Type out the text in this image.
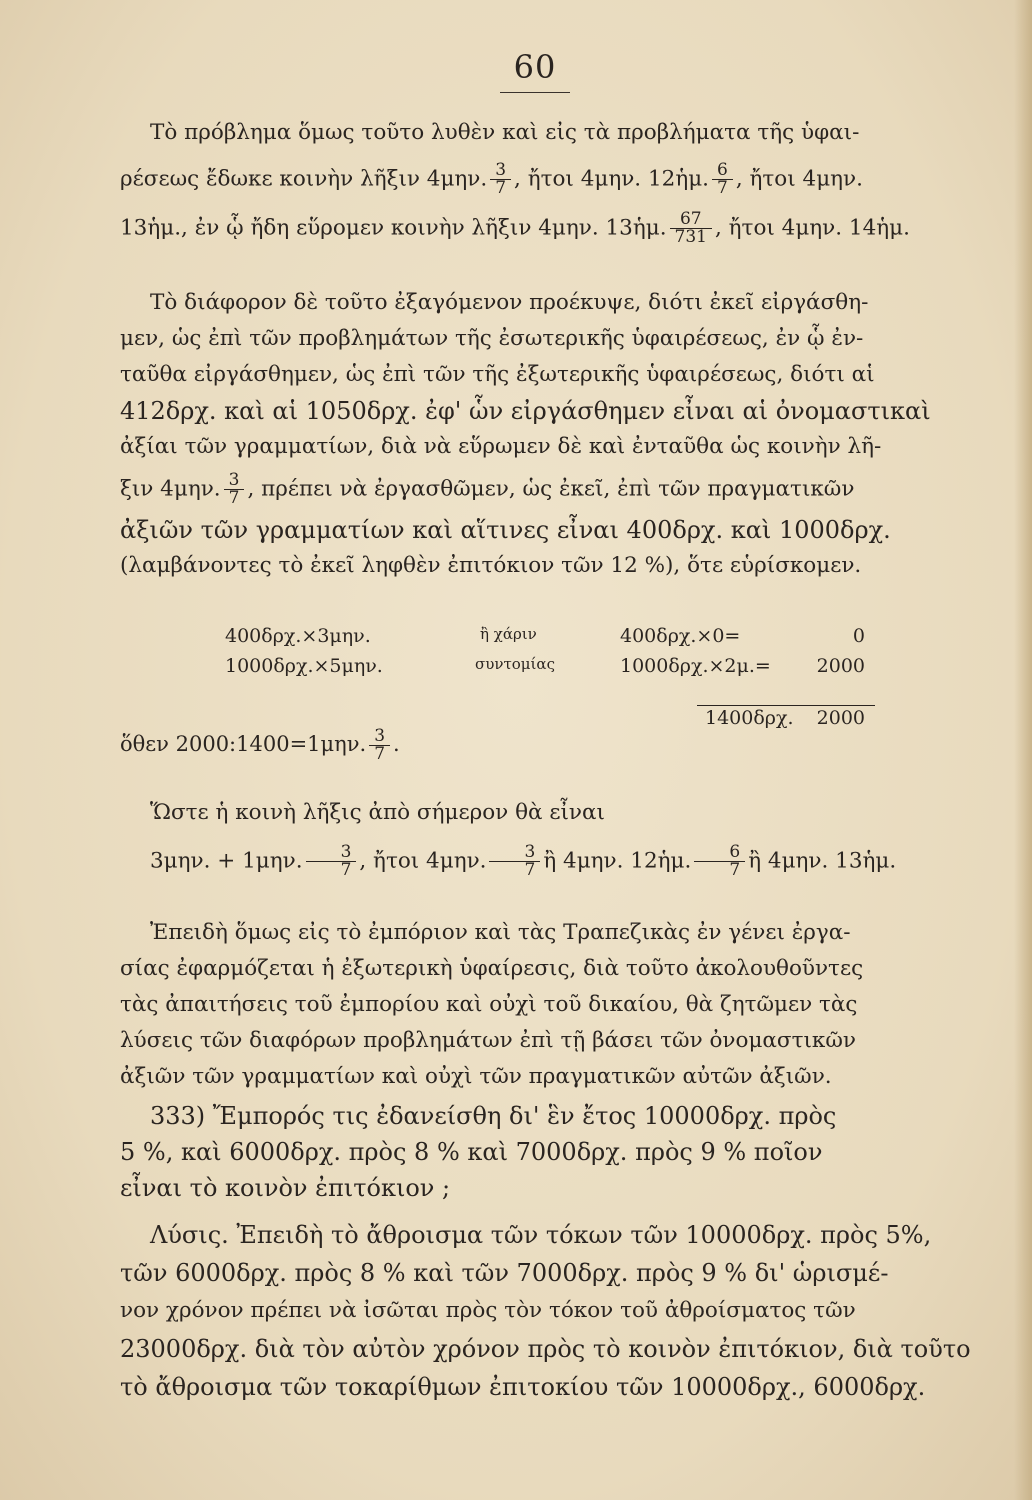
60
Τὸ πρόβλημα ὅμως τοῦτο λυθὲν καὶ εἰς τὰ προβλήματα τῆς ὑφαι-
ρέσεως ἔδωκε κοινὴν λῆξιν 4μην. $\frac{3}{7}$ , ἤτοι 4μην. 12ἡμ. $\frac{6}{7}$ , ἤτοι 4μην.
13ἡμ., ἐν ᾧ ἤδη εὕρομεν κοινὴν λῆξιν 4μην. 13ἡμ. $\frac{67}{731}$ , ἤτοι 4μην. 14ἡμ.
Τὸ διάφορον δὲ τοῦτο ἐξαγόμενον προέκυψε, διότι ἐκεῖ εἰργάσθη-
μεν, ὡς ἐπὶ τῶν προβλημάτων τῆς ἐσωτερικῆς ὑφαιρέσεως, ἐν ᾧ ἐν-
ταῦθα εἰργάσθημεν, ὡς ἐπὶ τῶν τῆς ἐξωτερικῆς ὑφαιρέσεως, διότι αἱ
412δρχ. καὶ αἱ 1050δρχ. ἐφ' ὧν εἰργάσθημεν εἶναι αἱ ὀνομαστικαὶ
ἀξίαι τῶν γραμματίων, διὰ νὰ εὕρωμεν δὲ καὶ ἐνταῦθα ὡς κοινὴν λῆ-
ξιν 4μην. $\frac{3}{7}$ , πρέπει νὰ ἐργασθῶμεν, ὡς ἐκεῖ, ἐπὶ τῶν πραγματικῶν
ἀξιῶν τῶν γραμματίων καὶ αἵτινες εἶναι 400δρχ. καὶ 1000δρχ.
(λαμβάνοντες τὸ ἐκεῖ ληφθὲν ἐπιτόκιον τῶν 12 %), ὅτε εὑρίσκομεν.
400δρχ.×3μην.	ἢ χάριν	400δρχ.×0=	0
1000δρχ.×5μην.	συντομίας	1000δρχ.×2μ.= 2000
1400δρχ. 2000
ὅθεν 2000:1400=1μην. $\frac{3}{7}$ .
Ὥστε ἡ κοινὴ λῆξις ἀπὸ σήμερον θὰ εἶναι
3μην. + 1μην. $\frac{3}{7}$ , ἤτοι 4μην. $\frac{3}{7}$ ἢ 4μην. 12ἡμ. $\frac{6}{7}$ ἢ 4μην. 13ἡμ.
Ἐπειδὴ ὅμως εἰς τὸ ἐμπόριον καὶ τὰς Τραπεζικὰς ἐν γένει ἐργα-
σίας ἐφαρμόζεται ἡ ἐξωτερικὴ ὑφαίρεσις, διὰ τοῦτο ἀκολουθοῦντες
τὰς ἀπαιτήσεις τοῦ ἐμπορίου καὶ οὐχὶ τοῦ δικαίου, θὰ ζητῶμεν τὰς
λύσεις τῶν διαφόρων προβλημάτων ἐπὶ τῇ βάσει τῶν ὀνομαστικῶν
ἀξιῶν τῶν γραμματίων καὶ οὐχὶ τῶν πραγματικῶν αὐτῶν ἀξιῶν.
333) Ἔμπορός τις ἐδανείσθη δι' ἓν ἔτος 10000δρχ. πρὸς
5 %, καὶ 6000δρχ. πρὸς 8 % καὶ 7000δρχ. πρὸς 9 % ποῖον
εἶναι τὸ κοινὸν ἐπιτόκιον ;
Λύσις. Ἐπειδὴ τὸ ἄθροισμα τῶν τόκων τῶν 10000δρχ. πρὸς 5%,
τῶν 6000δρχ. πρὸς 8 % καὶ τῶν 7000δρχ. πρὸς 9 % δι' ὡρισμέ-
νον χρόνον πρέπει νὰ ἰσῶται πρὸς τὸν τόκον τοῦ ἀθροίσματος τῶν
23000δρχ. διὰ τὸν αὐτὸν χρόνον πρὸς τὸ κοινὸν ἐπιτόκιον, διὰ τοῦτο
τὸ ἄθροισμα τῶν τοκαρίθμων ἐπιτοκίου τῶν 10000δρχ., 6000δρχ.
